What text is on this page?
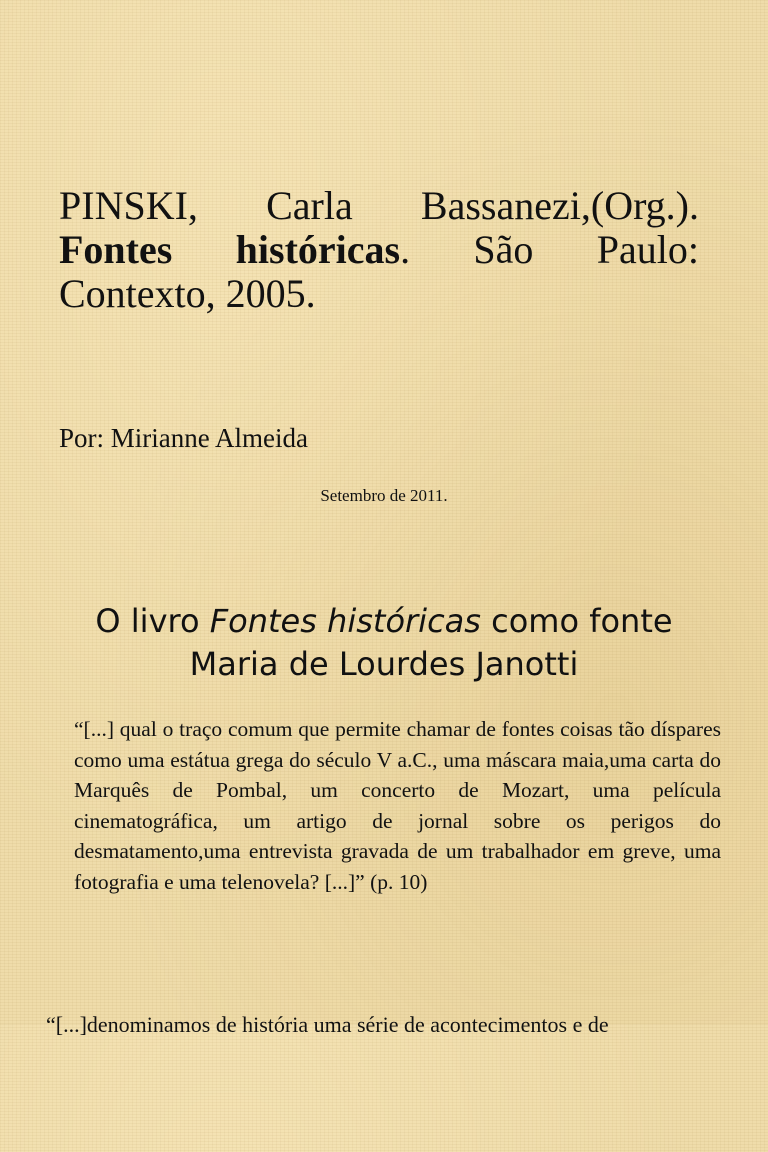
PINSKI, Carla Bassanezi,(Org.). Fontes históricas. São Paulo: Contexto, 2005.

Por: Mirianne Almeida

Setembro de 2011.

O livro Fontes históricas como fonte
Maria de Lourdes Janotti

“[...] qual o traço comum que permite chamar de fontes coisas tão díspares como uma estátua grega do século V a.C., uma máscara maia,uma carta do Marquês de Pombal, um concerto de Mozart, uma película cinematográfica, um artigo de jornal sobre os perigos do desmatamento,uma entrevista gravada de um trabalhador em greve, uma fotografia e uma telenovela? [...]” (p. 10)

“[...]denominamos de história uma série de acontecimentos e de
